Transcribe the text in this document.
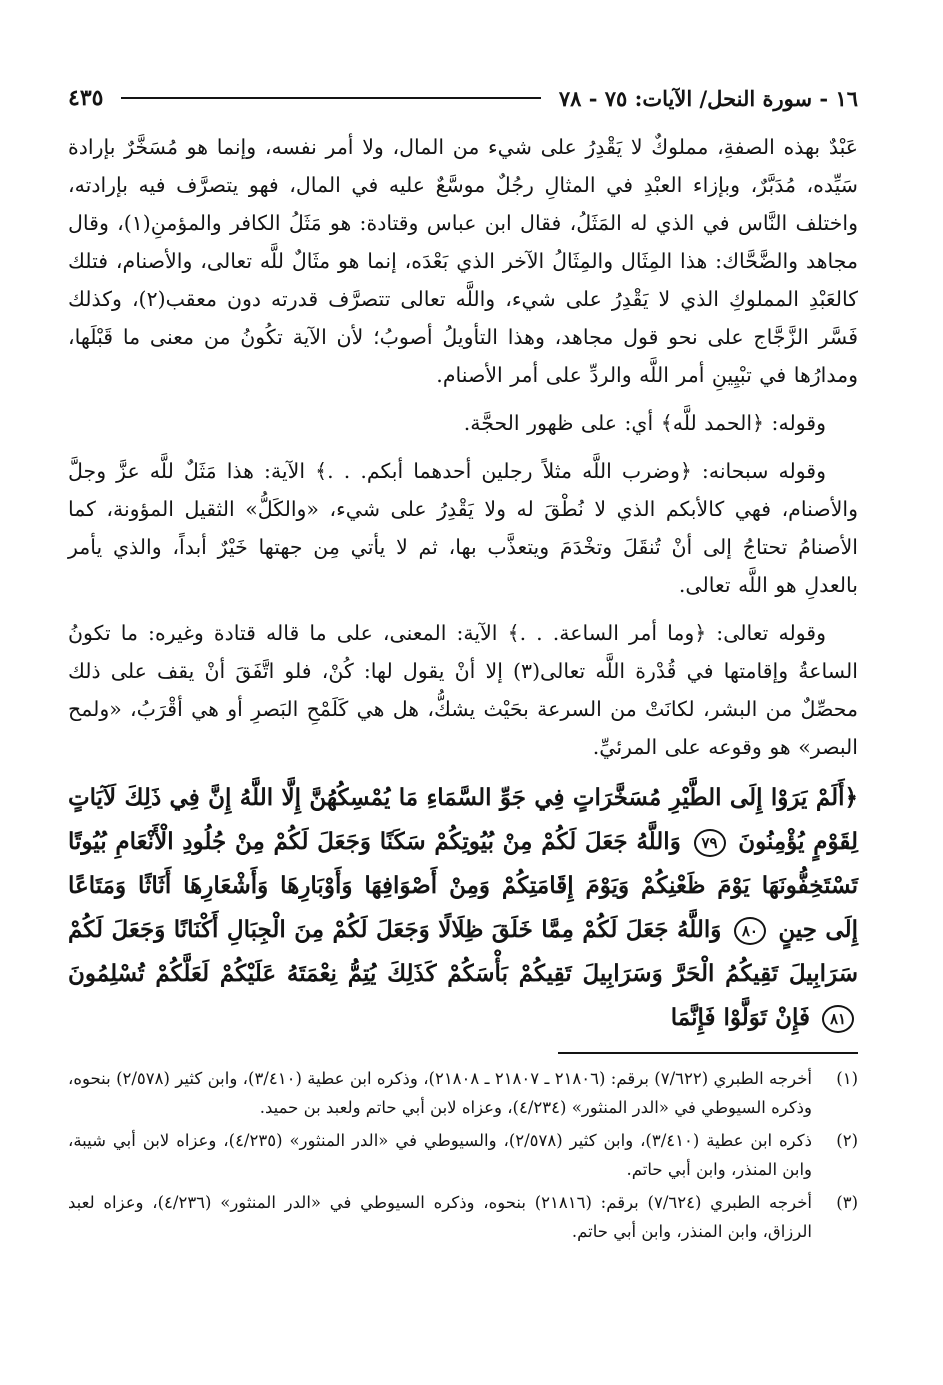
١٦ - سورة النحل/ الآيات: ٧٥ - ٧٨
٤٣٥

عَبْدٌ بهذه الصفةِ، مملوكٌ لا يَقْدِرُ على شيء من المال، ولا أمر نفسه، وإنما هو مُسَخَّرٌ بإرادة سَيِّده، مُدَبَّرٌ، وبإزاء العبْدِ في المثالِ رجُلٌ موسَّعٌ عليه في المال، فهو يتصرَّف فيه بإرادته، واختلف النَّاس في الذي له المَثَلُ، فقال ابن عباس وقتادة: هو مَثَلُ الكافر والمؤمنِ(١)، وقال مجاهد والضَّحَّاك: هذا المِثَال والمِثَالُ الآخر الذي بَعْدَه، إنما هو مثَالٌ للَّه تعالى، والأصنام، فتلك كالعَبْدِ المملوكِ الذي لا يَقْدِرُ على شيء، واللَّه تعالى تتصرَّف قدرته دون معقب(٢)، وكذلك فَسَّر الزَّجَّاج على نحو قول مجاهد، وهذا التأويلُ أصوبُ؛ لأن الآية تكُونُ من معنى ما قَبْلَها، ومدارُها في تبْيِينِ أمر اللَّه والردِّ على أمر الأصنام.

وقوله: ﴿الحمد للَّه﴾ أي: على ظهور الحجَّة.

وقوله سبحانه: ﴿وضرب اللَّه مثلاً رجلين أحدهما أبكم. . .﴾ الآية: هذا مَثَلٌ للَّه عزَّ وجلَّ والأصنام، فهي كالأبكم الذي لا نُطْقَ له ولا يَقْدِرُ على شيء، «والكَلُّ» الثقيل المؤونة، كما الأصنامُ تحتاجُ إلى أنْ تُنقَلَ وتخْدَمَ ويتعذَّب بها، ثم لا يأتي مِن جهتها خَيْرٌ أبداً، والذي يأمر بالعدلِ هو اللَّه تعالى.

وقوله تعالى: ﴿وما أمر الساعة. . .﴾ الآية: المعنى، على ما قاله قتادة وغيره: ما تكونُ الساعةُ وإقامتها في قُدْرة اللَّه تعالى(٣) إلا أنْ يقول لها: كُنْ، فلو اتَّفَقَ أنْ يقف على ذلك محصِّلٌ من البشر، لكانَتْ من السرعة بحَيْث يشكُّ، هل هي كَلَمْحِ البَصرِ أو هي أقْرَبُ، «ولمح البصر» هو وقوعه على المرئيِّ.

﴿أَلَمْ يَرَوْا إِلَى الطَّيْرِ مُسَخَّرَاتٍ فِي جَوِّ السَّمَاءِ مَا يُمْسِكُهُنَّ إِلَّا اللَّهُ إِنَّ فِي ذَلِكَ لَآيَاتٍ لِقَوْمٍ يُؤْمِنُونَ ٧٩ وَاللَّهُ جَعَلَ لَكُمْ مِنْ بُيُوتِكُمْ سَكَنًا وَجَعَلَ لَكُمْ مِنْ جُلُودِ الْأَنْعَامِ بُيُوتًا تَسْتَخِفُّونَهَا يَوْمَ ظَعْنِكُمْ وَيَوْمَ إِقَامَتِكُمْ وَمِنْ أَصْوَافِهَا وَأَوْبَارِهَا وَأَشْعَارِهَا أَثَاثًا وَمَتَاعًا إِلَى حِينٍ ٨٠ وَاللَّهُ جَعَلَ لَكُمْ مِمَّا خَلَقَ ظِلَالًا وَجَعَلَ لَكُمْ مِنَ الْجِبَالِ أَكْنَانًا وَجَعَلَ لَكُمْ سَرَابِيلَ تَقِيكُمُ الْحَرَّ وَسَرَابِيلَ تَقِيكُمْ بَأْسَكُمْ كَذَلِكَ يُتِمُّ نِعْمَتَهُ عَلَيْكُمْ لَعَلَّكُمْ تُسْلِمُونَ ٨١ فَإِنْ تَوَلَّوْا فَإِنَّمَا
(١)
أخرجه الطبري (٧/٦٢٢) برقم: (٢١٨٠٦ ـ ٢١٨٠٧ ـ ٢١٨٠٨)، وذكره ابن عطية (٣/٤١٠)، وابن كثير (٢/٥٧٨) بنحوه، وذكره السيوطي في «الدر المنثور» (٤/٢٣٤)، وعزاه لابن أبي حاتم ولعبد بن حميد.
(٢)
ذكره ابن عطية (٣/٤١٠)، وابن كثير (٢/٥٧٨)، والسيوطي في «الدر المنثور» (٤/٢٣٥)، وعزاه لابن أبي شيبة، وابن المنذر، وابن أبي حاتم.
(٣)
أخرجه الطبري (٧/٦٢٤) برقم: (٢١٨١٦) بنحوه، وذكره السيوطي في «الدر المنثور» (٤/٢٣٦)، وعزاه لعبد الرزاق، وابن المنذر، وابن أبي حاتم.
